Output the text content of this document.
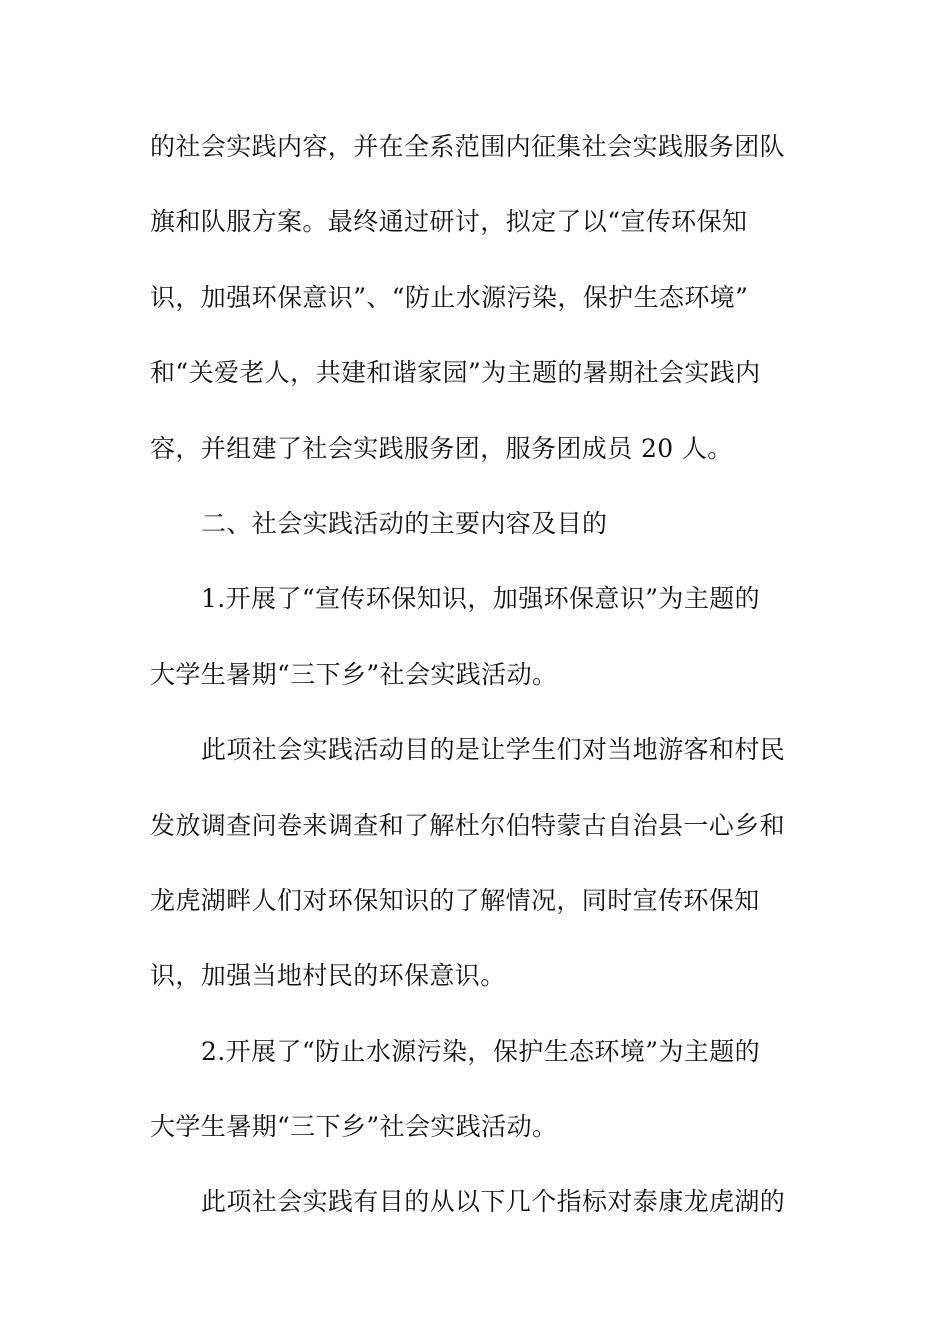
的社会实践内容，并在全系范围内征集社会实践服务团队
旗和队服方案。最终通过研讨，拟定了以“宣传环保知
识，加强环保意识”、“防止水源污染，保护生态环境”
和“关爱老人，共建和谐家园”为主题的暑期社会实践内
容，并组建了社会实践服务团，服务团成员 20 人。
二、社会实践活动的主要内容及目的
1.开展了“宣传环保知识，加强环保意识”为主题的
大学生暑期“三下乡”社会实践活动。
此项社会实践活动目的是让学生们对当地游客和村民
发放调查问卷来调查和了解杜尔伯特蒙古自治县一心乡和
龙虎湖畔人们对环保知识的了解情况，同时宣传环保知
识，加强当地村民的环保意识。
2.开展了“防止水源污染，保护生态环境”为主题的
大学生暑期“三下乡”社会实践活动。
此项社会实践有目的从以下几个指标对泰康龙虎湖的
